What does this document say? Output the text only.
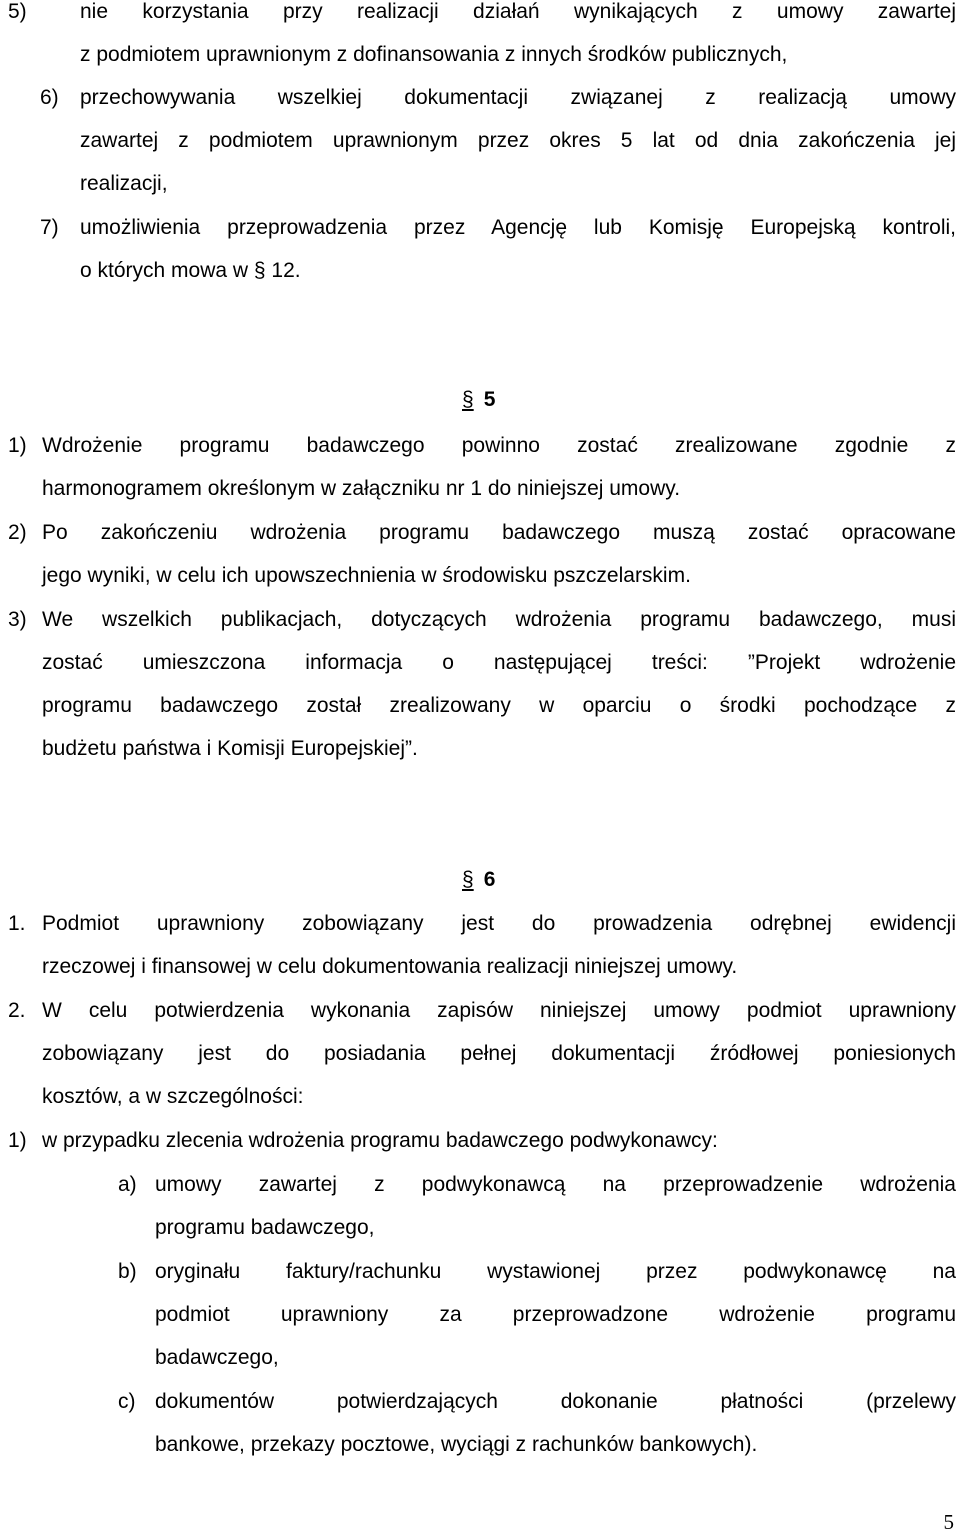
5)	nie korzystania przy realizacji działań wynikających z umowy zawartej
z podmiotem uprawnionym z dofinansowania z innych środków publicznych,
6) przechowywania wszelkiej dokumentacji związanej z realizacją umowy
zawartej z podmiotem uprawnionym przez okres 5 lat od dnia zakończenia jej
realizacji,
7) umożliwienia przeprowadzenia przez Agencję lub Komisję Europejską kontroli,
o których mowa w § 12.
§ 5
1) Wdrożenie programu badawczego powinno zostać zrealizowane zgodnie z
harmonogramem określonym w załączniku nr 1 do niniejszej umowy.
2) Po zakończeniu wdrożenia programu badawczego muszą zostać opracowane
jego wyniki, w celu ich upowszechnienia w środowisku pszczelarskim.
3) We wszelkich publikacjach, dotyczących wdrożenia programu badawczego, musi
zostać umieszczona informacja o następującej treści: ”Projekt wdrożenie
programu badawczego został zrealizowany w oparciu o środki pochodzące z
budżetu państwa i Komisji Europejskiej”.
§ 6
1. Podmiot uprawniony zobowiązany jest do prowadzenia odrębnej ewidencji
rzeczowej i finansowej w celu dokumentowania realizacji niniejszej umowy.
2. W celu potwierdzenia wykonania zapisów niniejszej umowy podmiot uprawniony
zobowiązany jest do posiadania pełnej dokumentacji źródłowej poniesionych
kosztów, a w szczególności:
1) w przypadku zlecenia wdrożenia programu badawczego podwykonawcy:
a) umowy zawartej z podwykonawcą na przeprowadzenie wdrożenia
programu badawczego,
b) oryginału faktury/rachunku wystawionej przez podwykonawcę na
podmiot uprawniony za przeprowadzone wdrożenie programu
badawczego,
c) dokumentów potwierdzających dokonanie płatności (przelewy
bankowe, przekazy pocztowe, wyciągi z rachunków bankowych).
5
